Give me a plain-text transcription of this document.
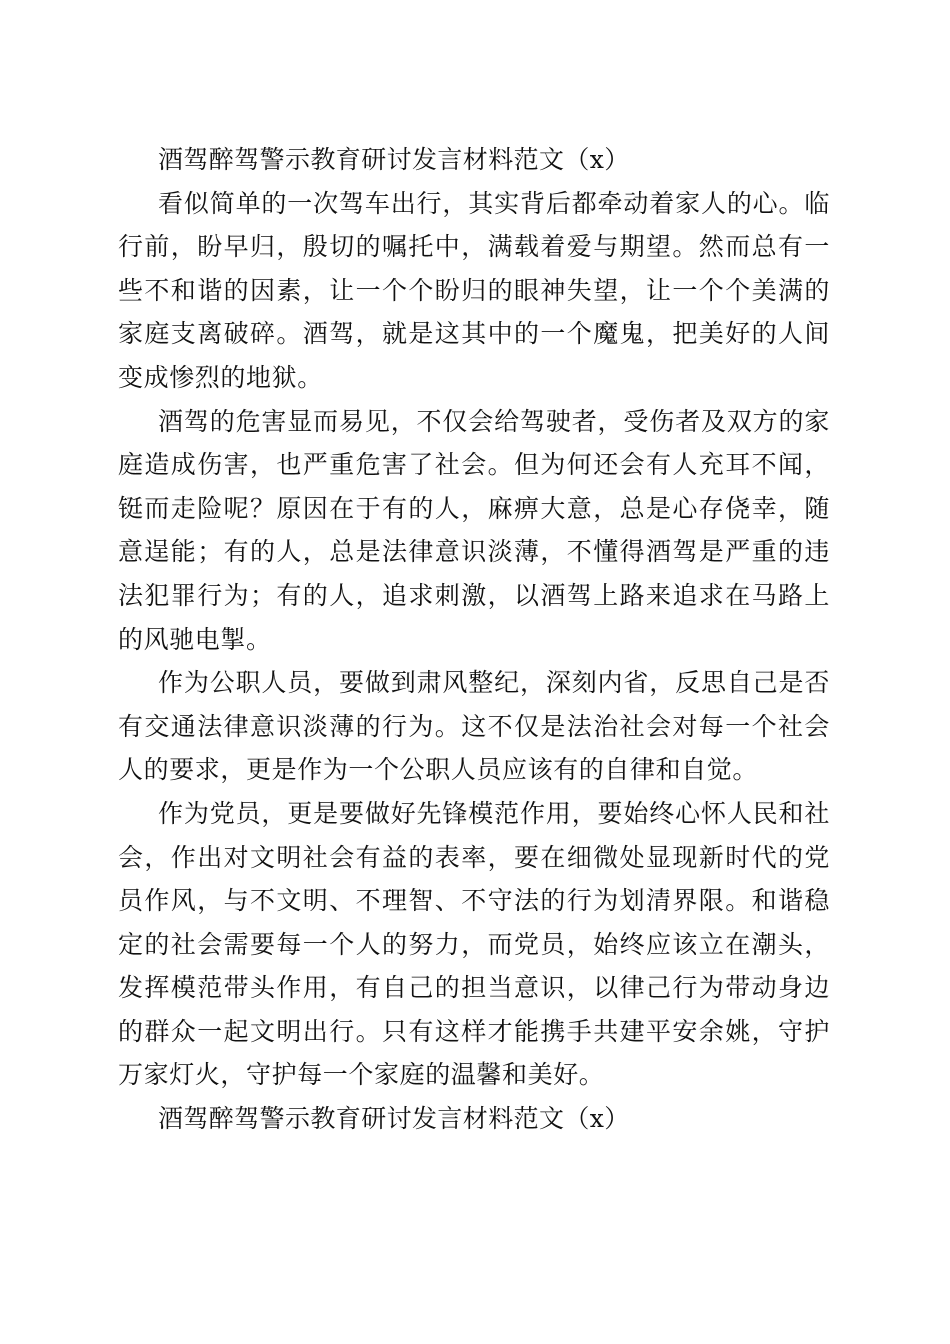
酒驾醉驾警示教育研讨发言材料范文（x）

看似简单的一次驾车出行，其实背后都牵动着家人的心。临行前，盼早归，殷切的嘱托中，满载着爱与期望。然而总有一些不和谐的因素，让一个个盼归的眼神失望，让一个个美满的家庭支离破碎。酒驾，就是这其中的一个魔鬼，把美好的人间变成惨烈的地狱。

酒驾的危害显而易见，不仅会给驾驶者，受伤者及双方的家庭造成伤害，也严重危害了社会。但为何还会有人充耳不闻，铤而走险呢？原因在于有的人，麻痹大意，总是心存侥幸，随意逞能；有的人，总是法律意识淡薄，不懂得酒驾是严重的违法犯罪行为；有的人，追求刺激，以酒驾上路来追求在马路上的风驰电掣。

作为公职人员，要做到肃风整纪，深刻内省，反思自己是否有交通法律意识淡薄的行为。这不仅是法治社会对每一个社会人的要求，更是作为一个公职人员应该有的自律和自觉。

作为党员，更是要做好先锋模范作用，要始终心怀人民和社会，作出对文明社会有益的表率，要在细微处显现新时代的党员作风，与不文明、不理智、不守法的行为划清界限。和谐稳定的社会需要每一个人的努力，而党员，始终应该立在潮头，发挥模范带头作用，有自己的担当意识，以律己行为带动身边的群众一起文明出行。只有这样才能携手共建平安余姚，守护万家灯火，守护每一个家庭的温馨和美好。

酒驾醉驾警示教育研讨发言材料范文（x）
